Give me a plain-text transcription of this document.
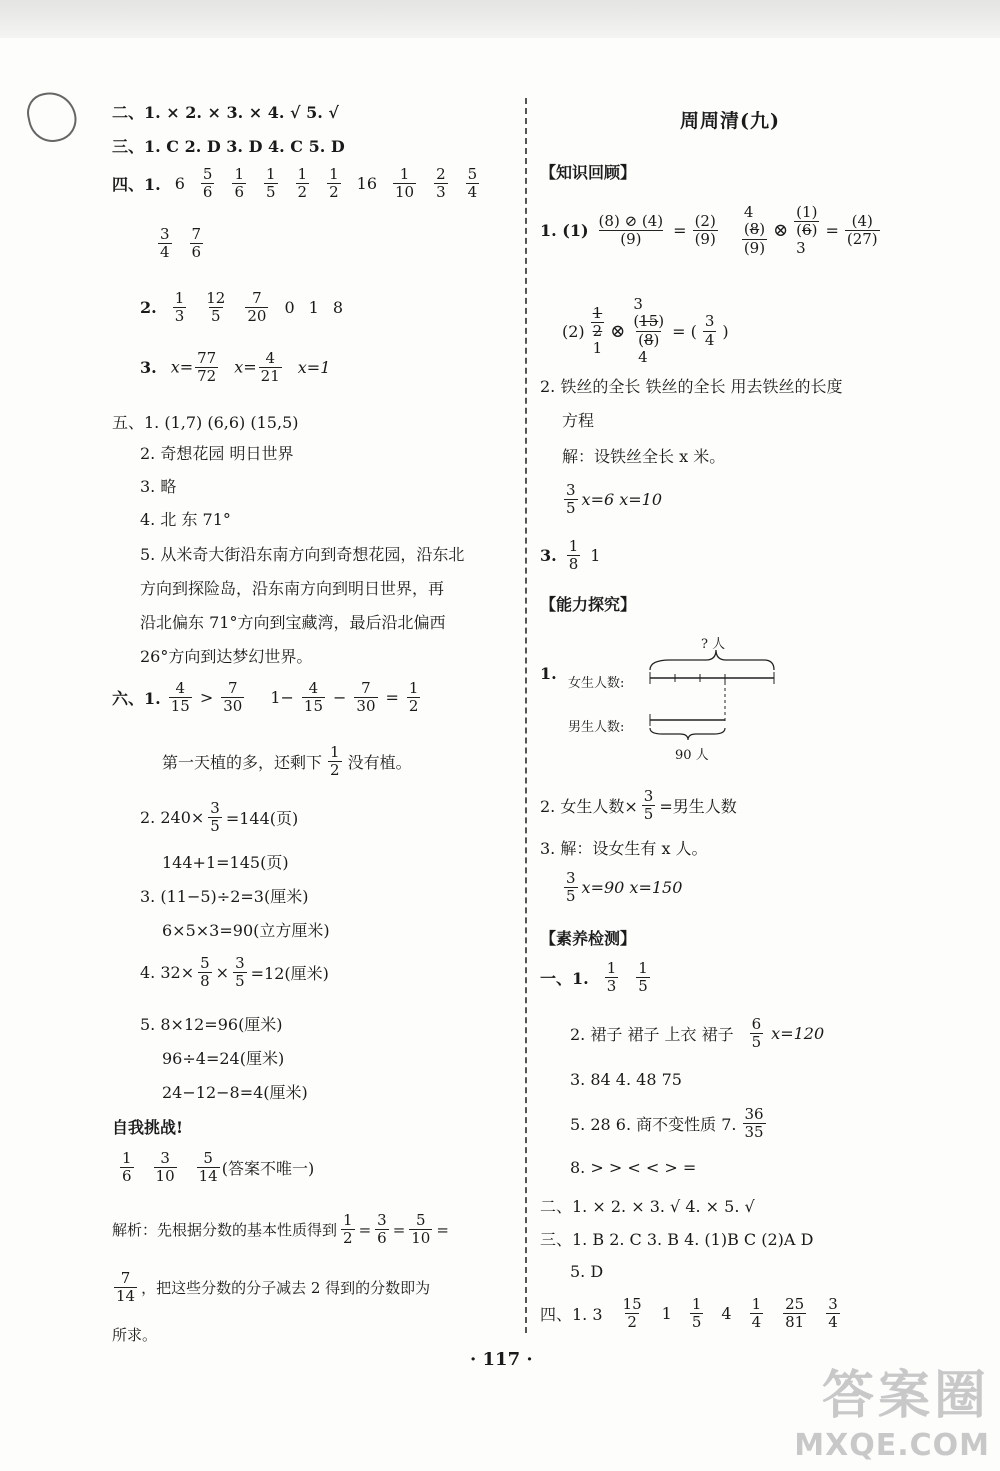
二、1. × 2. × 3. × 4. √ 5. √
三、1. C 2. D 3. D 4. C 5. D
四、1. $6 \frac{5}{6} \frac{1}{6} \frac{1}{5} \frac{1}{2} \frac{1}{2} 16 \frac{1}{10} \frac{2}{3} \frac{5}{4}$
$\frac{3}{4} \frac{7}{6}$
2. $\frac{1}{3} \frac{12}{5} \frac{7}{20} 0$ 1 8
3. $x= \frac{77}{72} x= \frac{4}{21} x=1$
五、1. (1,7) (6,6) (15,5)
2. 奇想花园 明日世界
3. 略
4. 北 东 71°
5. 从米奇大街沿东南方向到奇想花园，沿东北
方向到探险岛，沿东南方向到明日世界，再
沿北偏东 71°方向到宝藏湾，最后沿北偏西
26°方向到达梦幻世界。
六、1. $\frac{4}{15} > \frac{7}{30} 1- \frac{4}{15} - \frac{7}{30} = \frac{1}{2}$
第一天植的多，还剩下 $\frac{1}{2}$ 没有植。
2. $240\times \frac{3}{5} =144$(页)
144+1=145(页)
3. (11−5)÷2=3(厘米)
6×5×3=90(立方厘米)
4. $32\times \frac{5}{8} \times \frac{3}{5} =12$(厘米)
5. 8×12=96(厘米)
96÷4=24(厘米)
24−12−8=4(厘米)
自我挑战!
$\frac{1}{6} \frac{3}{10} \frac{5}{14}$ (答案不唯一)
解析：先根据分数的基本性质得到 $\frac{1}{2} = \frac{3}{6} = \frac{5}{10}$ =
$\frac{7}{14}$ ，把这些分数的分子减去 2 得到的分数即为
所求。
周周清(九)
【知识回顾】
1. $(1) \frac{(8) ⊘ (4)}{(9)} = \frac{(2)}{(9)}$
4
(8)
(9)
⊗
(1)
(6)
3
= $\frac{(4)}{(27)}$
(2)
1
2
1
⊗
3
(15)
(8)
4
= ( $\frac{3}{4}$ )
2. 铁丝的全长 铁丝的全长 用去铁丝的长度
方程
解：设铁丝全长 x 米。
$\frac{3}{5} x=6$ x=10
3. $\frac{1}{8} 1$
【能力探究】
1.
? 人
女生人数:
男生人数:
90 人
2. 女生人数× $\frac{3}{5}$ =男生人数
3. 解：设女生有 x 人。
$\frac{3}{5} x=90$ x=150
【素养检测】
一、1. $\frac{1}{3} \frac{1}{5}$
2. 裙子 裙子 上衣 裙子 $\frac{6}{5} x=120$
3. 84 4. 48 75
5. 28 6. 商不变性质 7. $\frac{36}{35}$
8. > > < < > =
二、1. × 2. × 3. √ 4. × 5. √
三、1. B 2. C 3. B 4. (1)B C (2)A D
5. D
四、1. $3 \frac{15}{2} 1 \frac{1}{5} 4 \frac{1}{4} \frac{25}{81} \frac{3}{4}$
· 117 ·
答案圈
MXQE.COM
